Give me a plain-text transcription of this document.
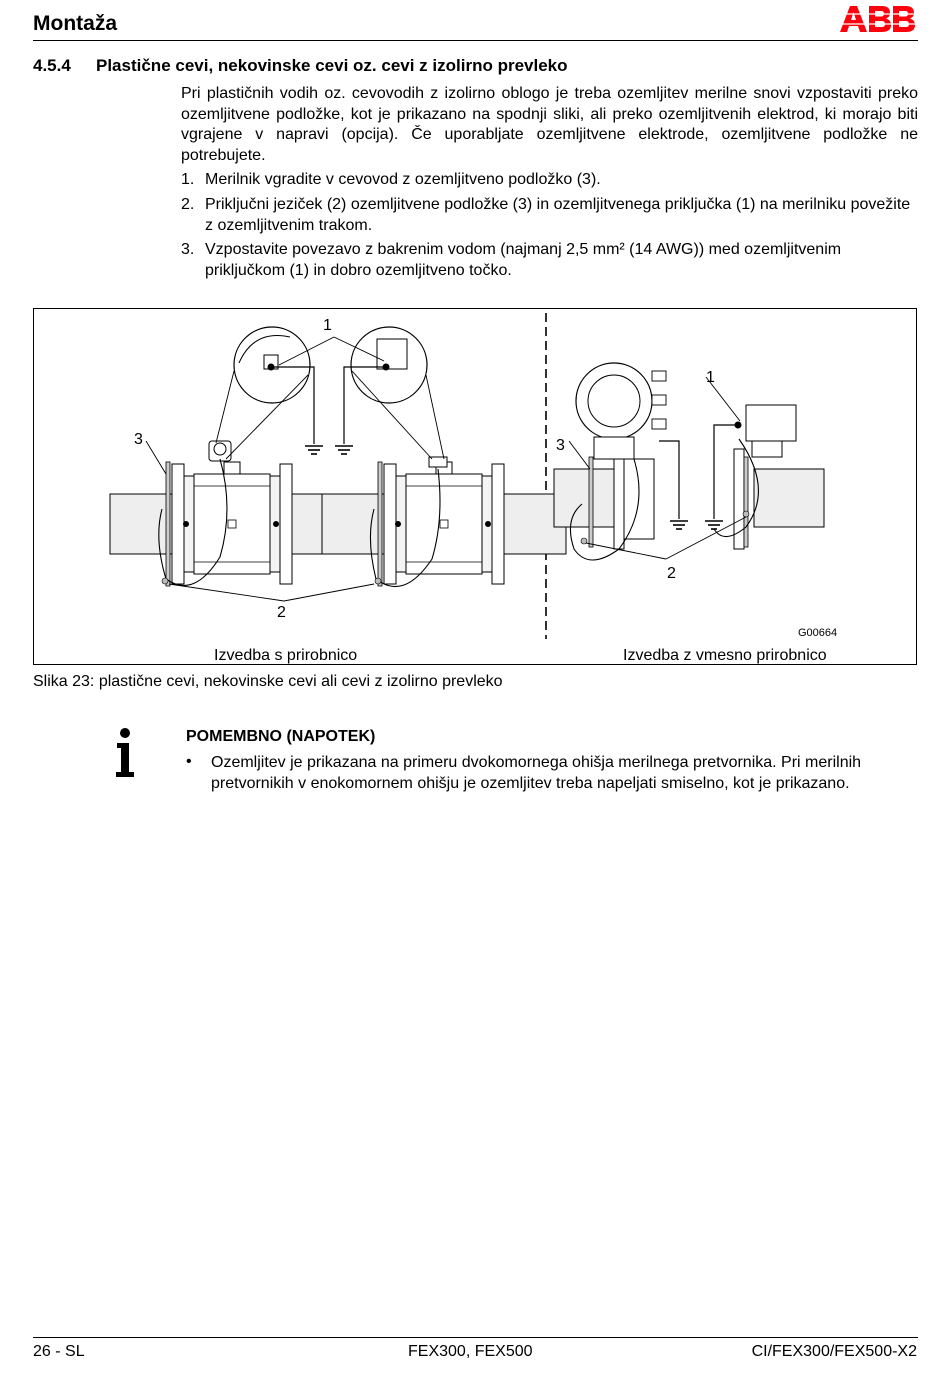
Montaža
4.5.4 Plastične cevi, nekovinske cevi oz. cevi z izolirno prevleko
Pri plastičnih vodih oz. cevovodih z izolirno oblogo je treba ozemljitev merilne snovi vzpostaviti preko ozemljitvene podložke, kot je prikazano na spodnji sliki, ali preko ozemljitvenih elektrod, ki morajo biti vgrajene v napravi (opcija). Če uporabljate ozemljitvene elektrode, ozemljitvene podložke ne potrebujete.
1. Merilnik vgradite v cevovod z ozemljitveno podložko (3).
2. Priključni jeziček (2) ozemljitvene podložke (3) in ozemljitvenega priključka (1) na merilniku povežite z ozemljitvenim trakom.
3. Vzpostavite povezavo z bakrenim vodom (najmanj 2,5 mm² (14 AWG)) med ozemljitvenim priključkom (1) in dobro ozemljitveno točko.
1
3
2
1
3
2
G00664
Izvedba s prirobnico	Izvedba z vmesno prirobnico
Slika 23: plastične cevi, nekovinske cevi ali cevi z izolirno prevleko
POMEMBNO (NAPOTEK)
• Ozemljitev je prikazana na primeru dvokomornega ohišja merilnega pretvornika. Pri merilnih pretvornikih v enokomornem ohišju je ozemljitev treba napeljati smiselno, kot je prikazano.
26 - SL	FEX300, FEX500	CI/FEX300/FEX500-X2
